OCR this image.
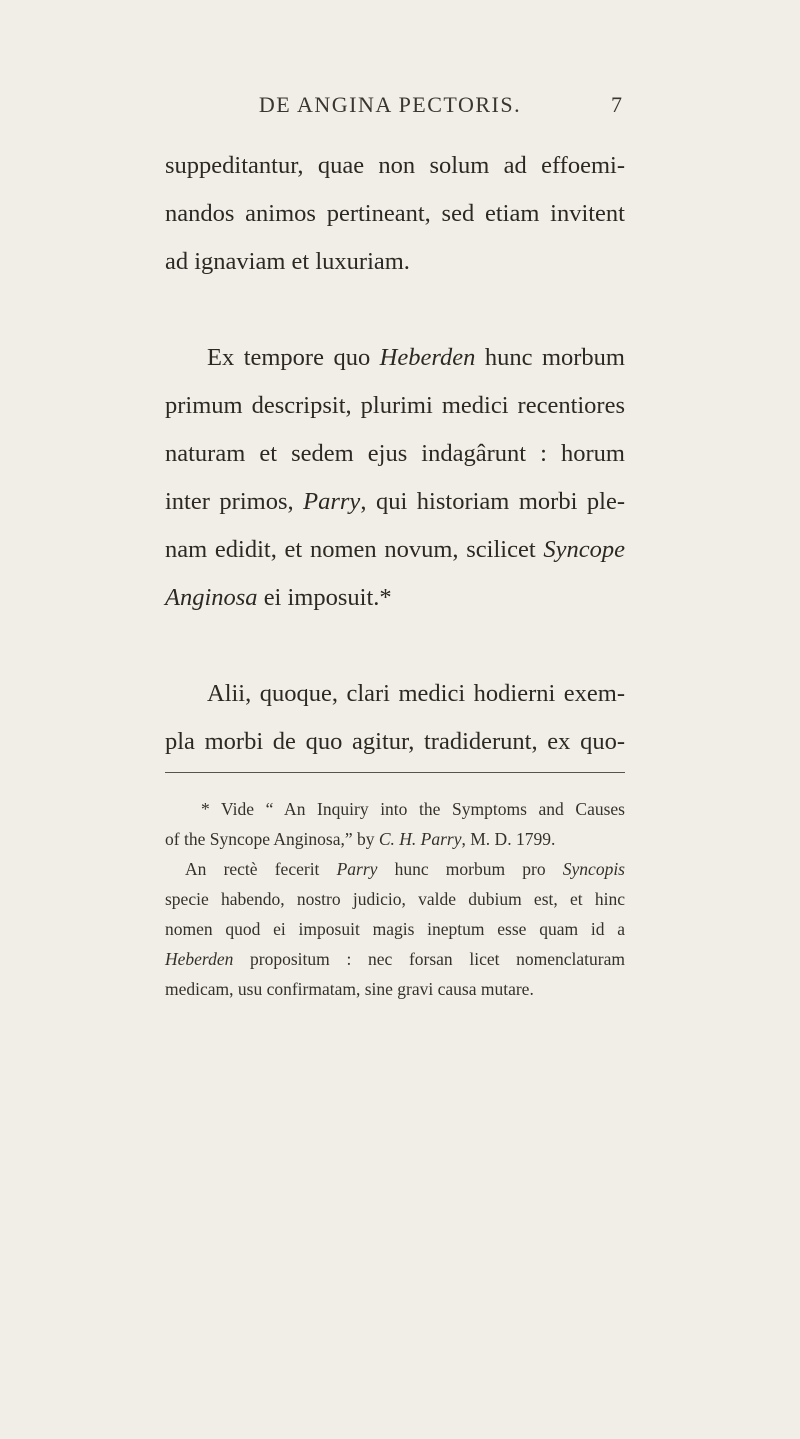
DE ANGINA PECTORIS.	7

suppeditantur, quae non solum ad effoemi-
nandos animos pertineant, sed etiam invitent
ad ignaviam et luxuriam.

Ex tempore quo Heberden hunc morbum
primum descripsit, plurimi medici recentiores
naturam et sedem ejus indagârunt : horum
inter primos, Parry, qui historiam morbi ple-
nam edidit, et nomen novum, scilicet Syncope
Anginosa ei imposuit.*

Alii, quoque, clari medici hodierni exem-
pla morbi de quo agitur, tradiderunt, ex quo-

* Vide “ An Inquiry into the Symptoms and Causes
of the Syncope Anginosa,” by C. H. Parry, M. D. 1799.
An rectè fecerit Parry hunc morbum pro Syncopis
specie habendo, nostro judicio, valde dubium est, et hinc
nomen quod ei imposuit magis ineptum esse quam id a
Heberden propositum : nec forsan licet nomenclaturam
medicam, usu confirmatam, sine gravi causa mutare.
